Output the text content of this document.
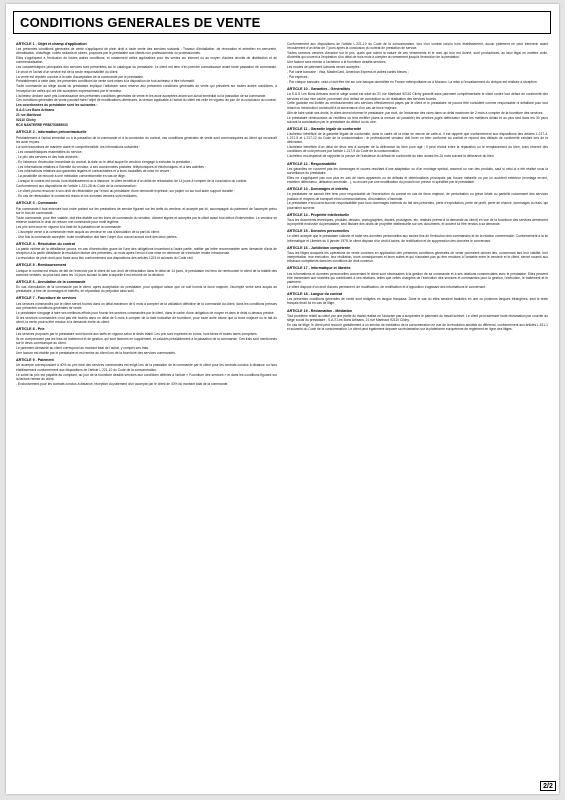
CONDITIONS GENERALES DE VENTE
ARTICLE 1 - Objet et champ d'application
Les présentes conditions générales de vente s'appliquent de plein droit à toute vente des services suivants : Travaux d'installation, de rénovation et entretien en serrurerie, climatisation, chauffage, volets roulants et stores, proposés par le prestataire aux clients non professionnels ou professionnels.
Elles s'appliquent à l'exclusion de toutes autres conditions, et notamment celles applicables pour les ventes sur internet ou au moyen d'autres circuits de distribution et de commercialisation.
Les caractéristiques principales des services sont présentées sur le catalogue du prestataire. Le client est tenu d'en prendre connaissance avant toute passation de commande. Le choix et l'achat d'un service est de la seule responsabilité du client.
La vente est réputée conclue à la date d'acceptation de la commande par le prestataire.
Préalablement à cette date, les présentes conditions de vente sont mises à la disposition de tout acheteur à titre informatif.
Toute commande au siège social du prestataire implique l'adhésion sans réserve aux présentes conditions générales de vente qui prévalent sur toutes autres conditions, à l'exception de celles qui ont été acceptées expressément par le vendeur.
L'acheteur déclare avoir pris connaissance des présentes conditions générales de vente et les avoir acceptées avant son achat immédiat ou la passation de sa commande.
Ces conditions générales de vente pouvant faire l'objet de modifications ultérieures, la version applicable à l'achat du client est celle en vigueur au jour de la conclusion du contrat.
Les coordonnées du prestataire sont les suivantes :
S.A.S Les Bons Artisans
21 rue Martissot
92110 Clichy
RCS NANTERRE FR88753985933
ARTICLE 2 - Information précontractuelle
Préalablement à l'achat immédiat ou à la passation de la commande et à la conclusion du contrat, ces conditions générales de vente sont communiquées au client qui reconnaît les avoir reçues.
Lui sont transmises de manière claire et compréhensible, les informations suivantes :
- Les caractéristiques essentielles du service ;
- Le prix des services et des frais annexes ;
- En l'absence d'exécution immédiate du contrat, la date ou le délai auquel le vendeur s'engage à exécuter la prestation ;
- Les informations relatives à l'identité du vendeur, à ses coordonnées postales, téléphoniques et électroniques, et à ses activités ;
- Les informations relatives aux garanties légales et contractuelles et à leurs modalités de mise en œuvre ;
- La possibilité de recourir à une médiation conventionnelle en cas de litige.
- Lorsque le contrat est conclu hors établissement ou à distance, le client bénéficie d'un délai de rétractation de 14 jours à compter de la conclusion du contrat.
Conformément aux dispositions de l'article L.221-28 du Code de la consommation :
- Le client pourra renoncer à son droit de rétractation par l'envoi au prestataire d'une demande expresse, sur papier ou sur tout autre support durable ;
- En cas de rétractation le contrat est résolu et les sommes versées sont restituées.
ARTICLE 3 - Commande
Par commande il faut entendre tout ordre portant sur les prestations de service figurant sur les tarifs du vendeur, et accepté par lui, accompagné du paiement de l'acompte prévu sur le bon de commande.
Toute commande, pour être valable, doit être établie sur les bons de commande du vendeur, dûment signés et acceptés par le client avant tout début d'intervention. Le vendeur se réserve toutefois le droit de refuser une commande pour motif légitime.
Les prix sont ceux en vigueur à la date de la passation de la commande.
- L'acompte versé à la commande reste acquis au vendeur en cas d'annulation de la part du client.
- Une fois la commande acceptée, toute modification doit faire l'objet d'un nouvel accord écrit des deux parties.
ARTICLE 4 - Résolution du contrat
La partie victime de la défaillance pourra, en cas d'inexécution grave de l'une des obligations incombant à l'autre partie, notifier par lettre recommandée avec demande d'avis de réception à la partie défaillante la résolution fautive des présentes, un mois après l'envoi d'une mise en demeure de s'exécuter restée infructueuse.
La résolution de plein droit pour faute aura lieu conformément aux dispositions des articles 1224 et suivants du Code civil.
ARTICLE 5 - Remboursement
Lorsque le contrat est résolu de fait de l'exercice par le client de son droit de rétractation dans le délai de 14 jours, le prestataire est tenu de rembourser le client de la totalité des sommes versées, au plus tard dans les 14 jours suivant la date à laquelle il est informé de la décision.
ARTICLE 6 - Annulation de la commande
En cas d'annulation de la commande par le client, après acceptation du prestataire, pour quelque raison que ce soit hormis la force majeure, l'acompte versé sera acquis au prestataire, à titre de dommages et intérêts, en réparation du préjudice ainsi subi.
ARTICLE 7 - Fourniture de services
Les services commandés par le client seront fournis dans un délai maximum de 6 mois à compter de la validation définitive de la commande du client, dans les conditions prévues aux présentes conditions générales de vente.
Le prestataire s'engage à faire ses meilleurs efforts pour fournir les services commandés par le client, dans le cadre d'une obligation de moyen et dans le délai ci-dessus précisé.
Si les services commandés n'ont pas été fournis dans un délai de 6 mois à compter de la date indicative de fourniture, pour toute autre cause que la force majeure ou le fait du client, la vente pourra être résolue à la demande écrite du client.
ARTICLE 8 - Prix
Les services proposés par le prestataire sont fournis aux tarifs en vigueur selon le devis établi. Les prix sont exprimés en euros, hors taxes et toutes taxes comprises.
Ils ne comprennent pas les frais de traitement et de gestion, qui sont facturés en supplément, et calculés préalablement à la passation de la commande. Ces frais sont mentionnés sur le devis communiqué au client.
Le paiement demandé au client correspond au montant total de l'achat, y compris ces frais.
Une facture est établie par le prestataire et est remise au client lors de la fourniture des services commandés.
ARTICLE 9 - Paiement
Un acompte correspondant à 40% du prix total des services commandés est exigé lors de la passation de la commande par le client pour les contrats conclus à distance ou hors établissement conformément aux dispositions de l'article L.221-10 du Code de la consommation.
Le solde du prix est payable au comptant, au jour de la fourniture desdits services aux conditions définies à l'article « Fourniture des services » et dans les conditions figurant sur la facture remise au client.
- Exclusivement pour les contrats conclus à distance, réception du paiement d'un acompte par le client de 40% du montant total de la commande.
Conformément aux dispositions de l'article L.221-10 du Code de la consommation, lors d'un contrat conclu hors établissement, aucun paiement ne peut intervenir avant l'écoulement d'un délai de 7 jours après la conclusion du contrat de prestation de service.
Toutes sommes versées d'avance sur le prix, quels que soient la nature de ces versements et le nom qui leur est donné, sont productrices, au taux légal en matière civile, d'intérêts qui courent à l'expiration d'un délai de trois mois à compter du versement jusqu'à l'exécution de la prestation.
Une facture sera remise à l'acheteur à la fourniture desdits services.
Les modes de paiement suivants seront acceptés :
- Par carte bancaire : Visa, MasterCard, American Express et autres cartes bleues ;
- Par espèces ;
- Par chèque bancaire, celui-ci doit être tiré sur une banque domiciliée en France métropolitaine ou à Monaco. La mise à l'encaissement du chèque est réalisée à réception.
ARTICLE 10 - Garanties - Généralités
La S.A.S Les Bons Artisans dont le siège social est situé au 21 rue Martissot 92110 Clichy garantit sans paiement complémentaire le client contre tout défaut de conformité des services et tout vice caché, provenant d'un défaut de conception ou de réalisation des services fournis.
Cette garantie est limitée au remboursement des services effectivement payés par le client et le prestataire ne pourra être considéré comme responsable ni défaillant pour tout retard ou inexécution consécutif à la survenance d'un cas de force majeure.
Afin de faire valoir ses droits, le client devra informer le prestataire, par écrit, de l'existence des vices dans un délai maximum de 2 mois à compter de la fourniture des services.
Le prestataire remboursera ou rectifiera ou fera rectifier (dans la mesure du possible) les services jugés défectueux dans les meilleurs délais et au plus tard dans les 30 jours suivant la constatation par le prestataire du défaut ou du vice.
ARTICLE 11 - Garantie légale de conformité
L'acheteur bénéficie de la garantie légale de conformité, dans le cadre de la mise en œuvre de celle-ci, il est rappelé que conformément aux dispositions des articles L.217-4, L.217-5 et L.217-12 du Code de la consommation : le professionnel vendeur doit livrer un bien conforme au contrat et répond des défauts de conformité existant lors de la délivrance.
L'acheteur bénéficie d'un délai de deux ans à compter de la délivrance du bien pour agir ; il peut choisir entre la réparation ou le remplacement du bien, sous réserve des conditions de coût prévues par l'article L.217-9 du Code de la consommation.
L'acheteur est dispensé de rapporter la preuve de l'existence du défaut de conformité du bien durant les 24 mois suivant la délivrance du bien.
ARTICLE 12 - Responsabilité
Les garanties ne couvrent pas les dommages et usures résultant d'une adaptation ou d'un montage spécial, anormal ou non des produits, sauf si celui-ci a été réalisé sous la surveillance du prestataire.
Elles ne s'appliquent pas non plus en cas de vices apparents ou de défauts et détériorations provoqués par l'usure naturelle ou par un accident extérieur (montage erroné, entretien défectueux, utilisation anormale...), ou encore par une modification du produit non prévue ni spécifiée par le prestataire.
ARTICLE 13 - Dommages et intérêts
Le prestataire ne saurait être tenu pour responsable de l'inexécution du contrat en cas de force majeure, de perturbation ou grève totale ou partielle notamment des services postaux et moyens de transport et/ou communications, d'inondation, d'incendie.
Le prestataire n'encourra aucune responsabilité pour tous dommages indirects du fait des présentes, perte d'exploitation, perte de profit, perte de chance, dommages ou frais, qui pourraient survenir.
ARTICLE 14 - Propriété intellectuelle
Tous les documents techniques, produits, dessins, photographies, études, prototypes, etc. réalisés (même à la demande du client) en vue de la fourniture des services demeurent la propriété exclusive du prestataire, seul titulaire des droits de propriété intellectuelle sur ces documents, et doivent lui être rendus à sa demande.
ARTICLE 15 - Données personnelles
Le client accepte que le prestataire collecte et traite ses données personnelles aux seules fins de l'exécution des commandes et de la relation commerciale. Conformément à la loi Informatique et Libertés du 6 janvier 1978, le client dispose d'un droit d'accès, de rectification et de suppression des données le concernant.
ARTICLE 16 - Juridiction compétente
Tous les litiges auxquels les opérations de vente conclues en application des présentes conditions générales de vente pourraient donner lieu, concernant tant leur validité, leur interprétation, leur exécution, leur résiliation, leurs conséquences et leurs suites et qui n'auraient pas pu être résolues à l'amiable entre le vendeur et le client, seront soumis aux tribunaux compétents dans les conditions de droit commun.
ARTICLE 17 - Informatique et libertés
Les informations et données personnelles concernant le client sont nécessaires à la gestion de sa commande et à ses relations commerciales avec le prestataire. Elles peuvent être transmises aux sociétés qui contribuent à ces relations, telles que celles chargées de l'exécution des services et commandes pour la gestion, l'exécution, le traitement et le paiement.
Le client dispose d'un droit d'accès permanent, de modification, de rectification et d'opposition s'agissant des informations le concernant.
ARTICLE 18 - Langue du contrat
Les présentes conditions générales de vente sont rédigées en langue française. Dans le cas où elles seraient traduites en une ou plusieurs langues étrangères, seul le texte français ferait foi en cas de litige.
ARTICLE 19 - Réclamation - Médiation
Tout problème relatif au client par une partie du travail réalisé ne l'autorise pas à suspendre le paiement du travail achevé. Le client peut adresser toute réclamation par courrier au siège social du prestataire : S.A.S Les Bons Artisans, 21 rue Martissot 92110 Clichy.
En cas de litige, le client peut recourir gratuitement à un service de médiation de la consommation en vue de la résolution amiable du différend, conformément aux articles L.611-1 et suivants du Code de la consommation. Le client peut également déposer sa réclamation sur la plateforme européenne de règlement en ligne des litiges.
2/2
